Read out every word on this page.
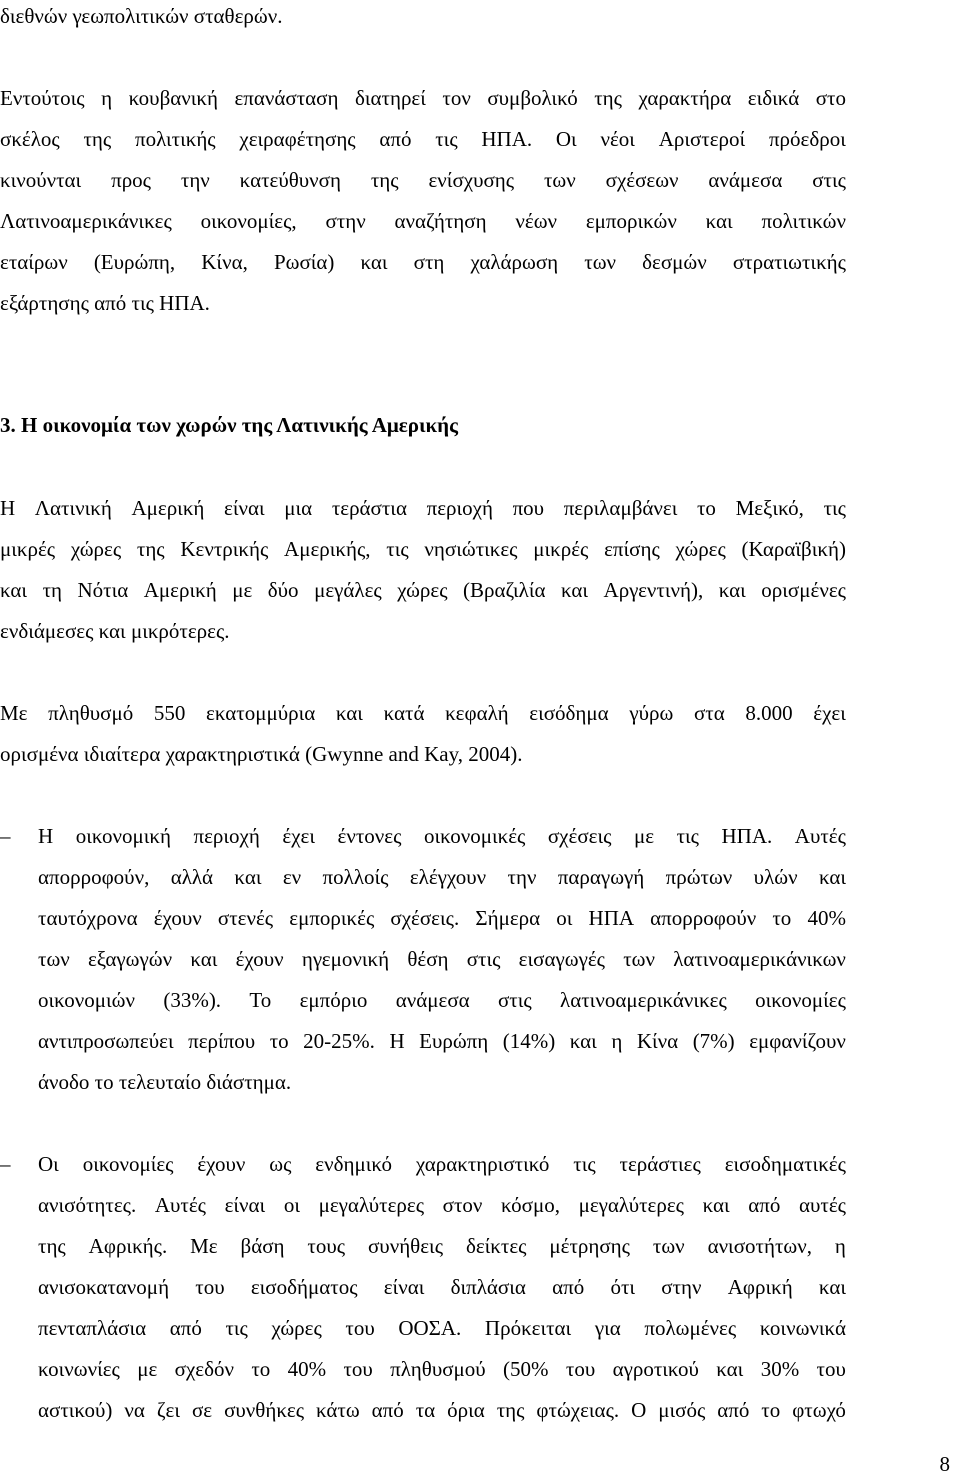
διεθνών γεωπολιτικών σταθερών.
Εντούτοις η κουβανική επανάσταση διατηρεί τον συμβολικό της χαρακτήρα ειδικά στο
σκέλος της πολιτικής χειραφέτησης από τις ΗΠΑ. Οι νέοι Αριστεροί πρόεδροι
κινούνται προς την κατεύθυνση της ενίσχυσης των σχέσεων ανάμεσα στις
Λατινοαμερικάνικες οικονομίες, στην αναζήτηση νέων εμπορικών και πολιτικών
εταίρων (Ευρώπη, Κίνα, Ρωσία) και στη χαλάρωση των δεσμών στρατιωτικής
εξάρτησης από τις ΗΠΑ.
3. Η οικονομία των χωρών της Λατινικής Αμερικής
Η Λατινική Αμερική είναι μια τεράστια περιοχή που περιλαμβάνει το Μεξικό, τις
μικρές χώρες της Κεντρικής Αμερικής, τις νησιώτικες μικρές επίσης χώρες (Καραϊβική)
και τη Νότια Αμερική με δύο μεγάλες χώρες (Βραζιλία και Αργεντινή), και ορισμένες
ενδιάμεσες και μικρότερες.
Με πληθυσμό 550 εκατομμύρια και κατά κεφαλή εισόδημα γύρω στα 8.000 έχει
ορισμένα ιδιαίτερα χαρακτηριστικά (Gwynne and Kay, 2004).
– Η οικονομική περιοχή έχει έντονες οικονομικές σχέσεις με τις ΗΠΑ. Αυτές
απορροφούν, αλλά και εν πολλοίς ελέγχουν την παραγωγή πρώτων υλών και
ταυτόχρονα έχουν στενές εμπορικές σχέσεις. Σήμερα οι ΗΠΑ απορροφούν το 40%
των εξαγωγών και έχουν ηγεμονική θέση στις εισαγωγές των λατινοαμερικάνικων
οικονομιών (33%). Το εμπόριο ανάμεσα στις λατινοαμερικάνικες οικονομίες
αντιπροσωπεύει περίπου το 20-25%. Η Ευρώπη (14%) και η Κίνα (7%) εμφανίζουν
άνοδο το τελευταίο διάστημα.
– Οι οικονομίες έχουν ως ενδημικό χαρακτηριστικό τις τεράστιες εισοδηματικές
ανισότητες. Αυτές είναι οι μεγαλύτερες στον κόσμο, μεγαλύτερες και από αυτές
της Αφρικής. Με βάση τους συνήθεις δείκτες μέτρησης των ανισοτήτων, η
ανισοκατανομή του εισοδήματος είναι διπλάσια από ότι στην Αφρική και
πενταπλάσια από τις χώρες του ΟΟΣΑ. Πρόκειται για πολωμένες κοινωνικά
κοινωνίες με σχεδόν το 40% του πληθυσμού (50% του αγροτικού και 30% του
αστικού) να ζει σε συνθήκες κάτω από τα όρια της φτώχειας. Ο μισός από το φτωχό
8
